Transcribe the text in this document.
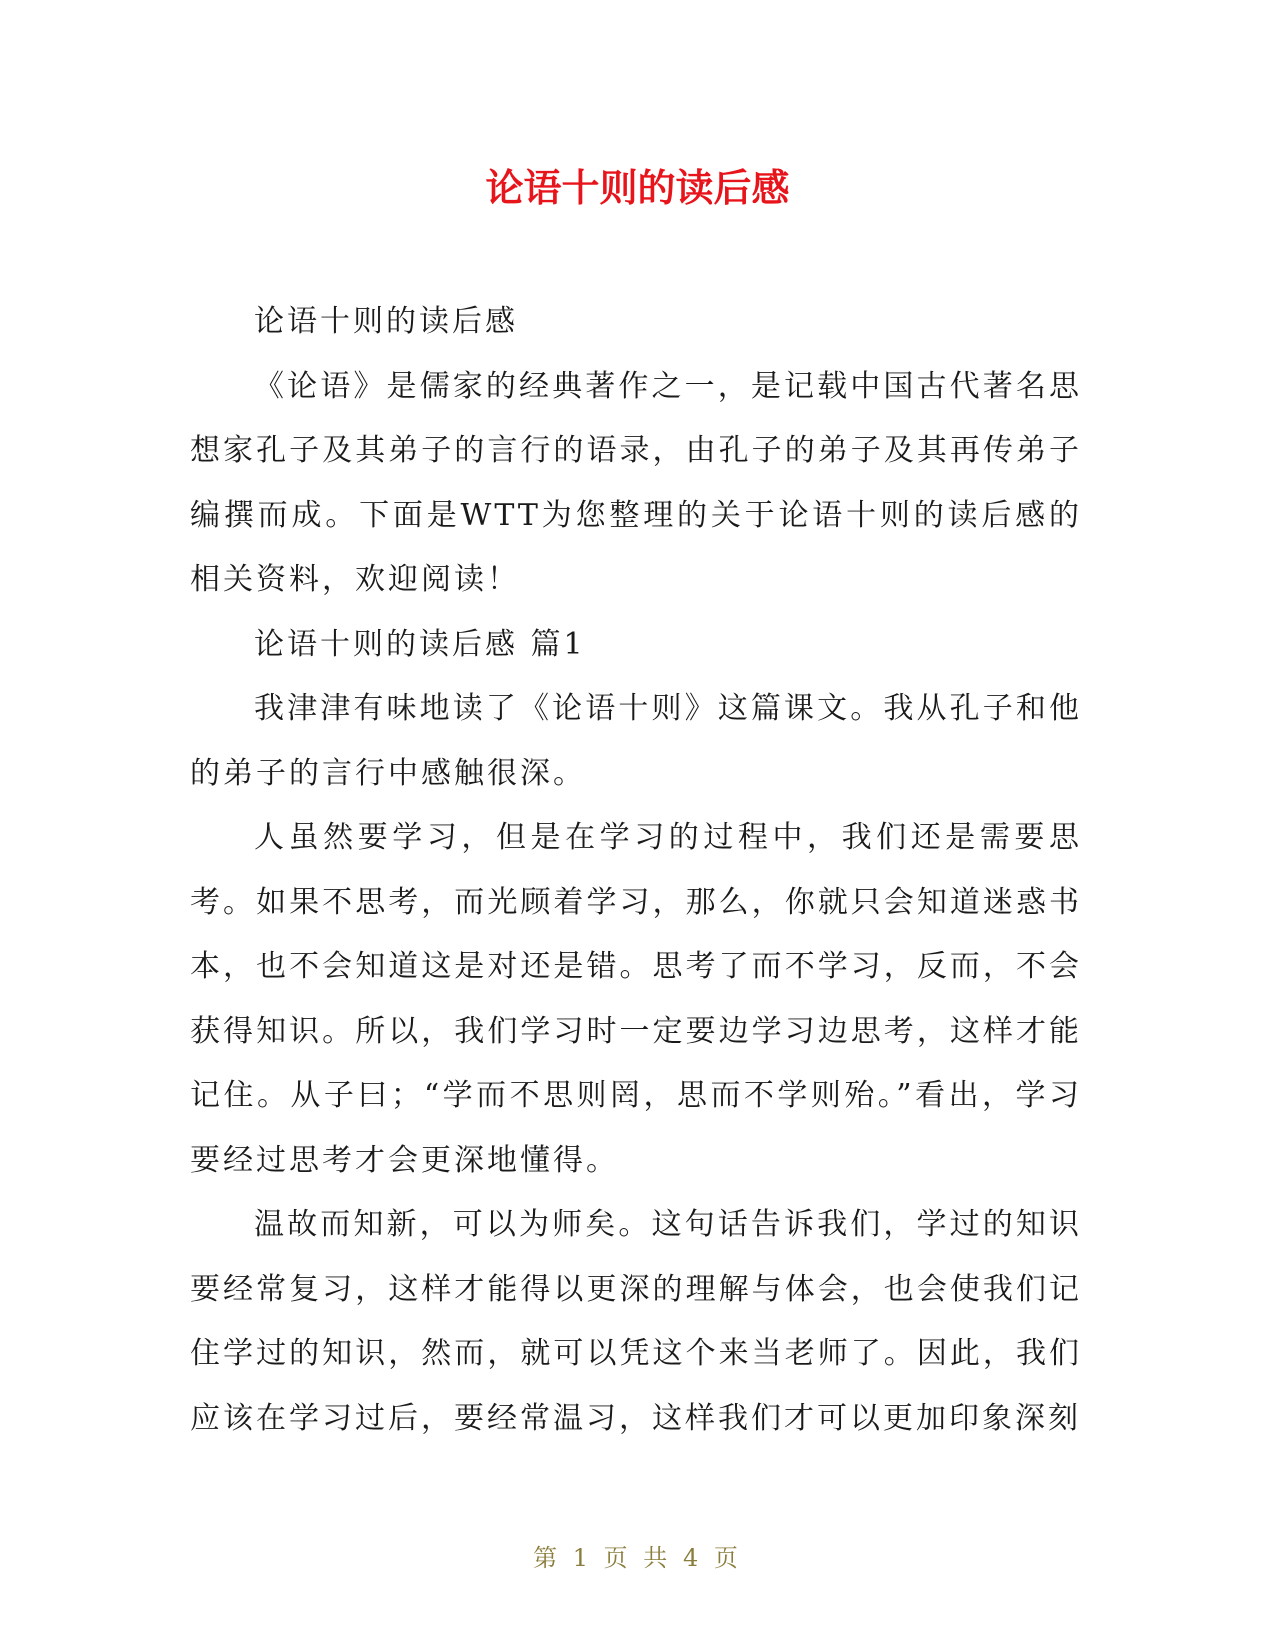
论语十则的读后感

论语十则的读后感

《论语》是儒家的经典著作之一，是记载中国古代著名思想家孔子及其弟子的言行的语录，由孔子的弟子及其再传弟子编撰而成。下面是WTT为您整理的关于论语十则的读后感的相关资料，欢迎阅读！

论语十则的读后感 篇1

我津津有味地读了《论语十则》这篇课文。我从孔子和他的弟子的言行中感触很深。

人虽然要学习，但是在学习的过程中，我们还是需要思考。如果不思考，而光顾着学习，那么，你就只会知道迷惑书本，也不会知道这是对还是错。思考了而不学习，反而，不会获得知识。所以，我们学习时一定要边学习边思考，这样才能记住。从子曰；“学而不思则罔，思而不学则殆。”看出，学习要经过思考才会更深地懂得。

温故而知新，可以为师矣。这句话告诉我们，学过的知识要经常复习，这样才能得以更深的理解与体会，也会使我们记住学过的知识，然而，就可以凭这个来当老师了。因此，我们应该在学习过后，要经常温习，这样我们才可以更加印象深刻

第 1 页 共 4 页
